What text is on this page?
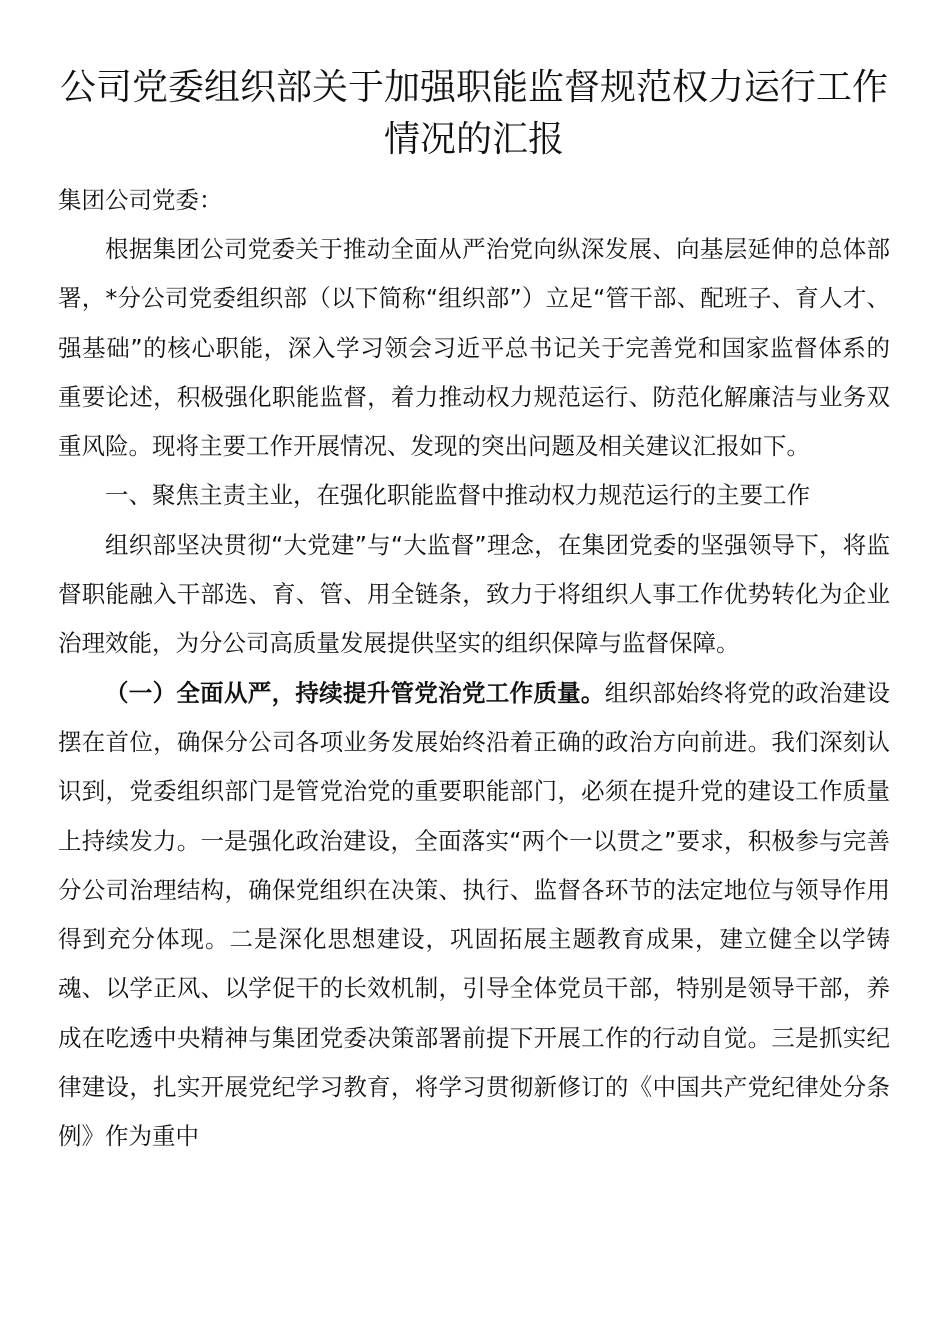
公司党委组织部关于加强职能监督规范权力运行工作情况的汇报

集团公司党委：

根据集团公司党委关于推动全面从严治党向纵深发展、向基层延伸的总体部署，*分公司党委组织部（以下简称“组织部”）立足“管干部、配班子、育人才、强基础”的核心职能，深入学习领会习近平总书记关于完善党和国家监督体系的重要论述，积极强化职能监督，着力推动权力规范运行、防范化解廉洁与业务双重风险。现将主要工作开展情况、发现的突出问题及相关建议汇报如下。

一、聚焦主责主业，在强化职能监督中推动权力规范运行的主要工作

组织部坚决贯彻“大党建”与“大监督”理念，在集团党委的坚强领导下，将监督职能融入干部选、育、管、用全链条，致力于将组织人事工作优势转化为企业治理效能，为分公司高质量发展提供坚实的组织保障与监督保障。

（一）全面从严，持续提升管党治党工作质量。组织部始终将党的政治建设摆在首位，确保分公司各项业务发展始终沿着正确的政治方向前进。我们深刻认识到，党委组织部门是管党治党的重要职能部门，必须在提升党的建设工作质量上持续发力。一是强化政治建设，全面落实“两个一以贯之”要求，积极参与完善分公司治理结构，确保党组织在决策、执行、监督各环节的法定地位与领导作用得到充分体现。二是深化思想建设，巩固拓展主题教育成果，建立健全以学铸魂、以学正风、以学促干的长效机制，引导全体党员干部，特别是领导干部，养成在吃透中央精神与集团党委决策部署前提下开展工作的行动自觉。三是抓实纪律建设，扎实开展党纪学习教育，将学习贯彻新修订的《中国共产党纪律处分条例》作为重中
